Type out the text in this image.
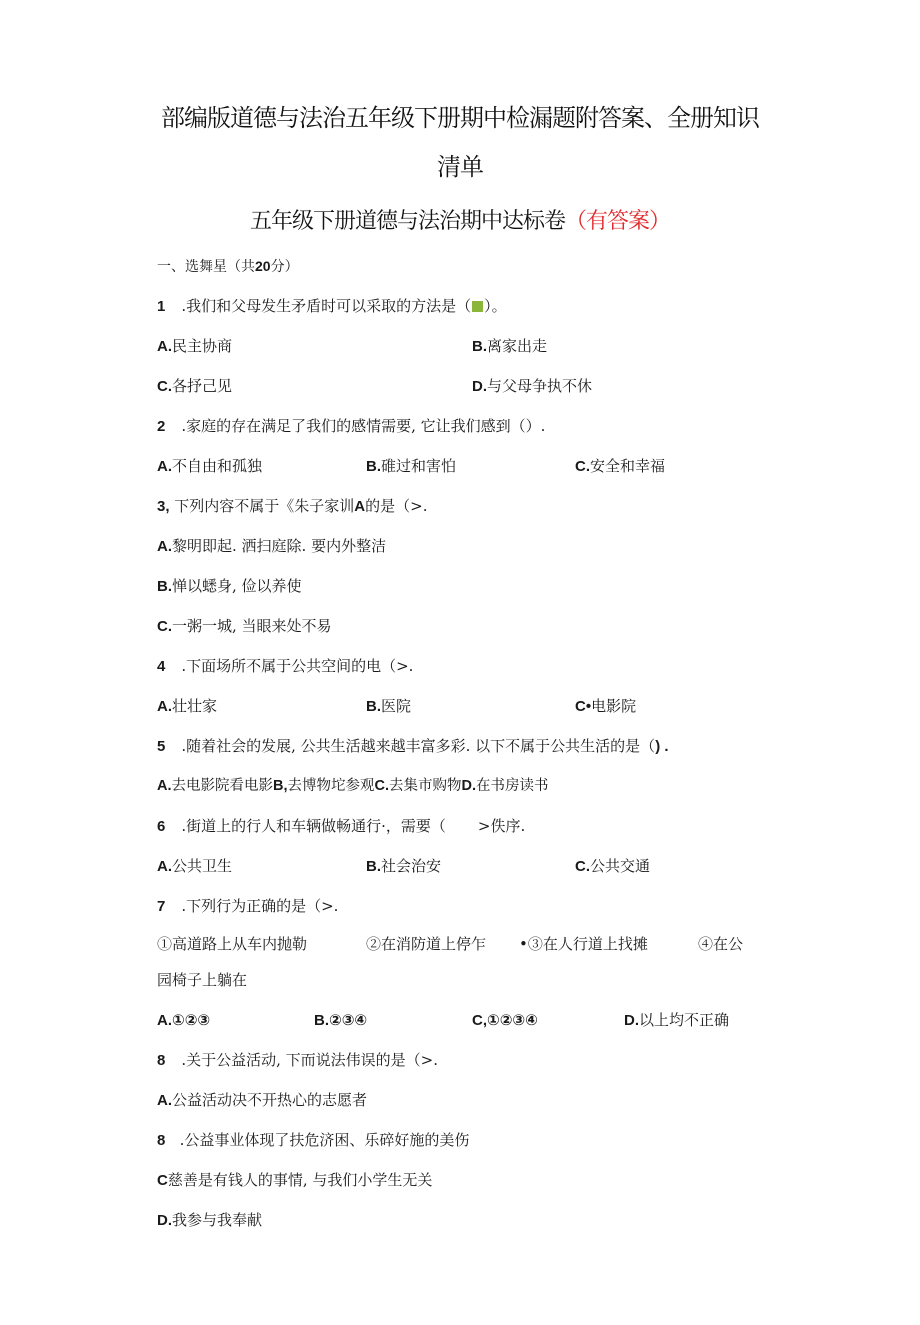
部编版道德与法治五年级下册期中检漏题附答案、全册知识
清单
五年级下册道德与法治期中达标卷（有答案）
一、选舞星（共20分）
1 .我们和父母发生矛盾时可以采取的方法是（ ）。
A.民主协商	B.离家出走
C.各抒己见	D.与父母争执不休
2 .家庭的存在满足了我们的感情需要, 它让我们感到（）.
A.不自由和孤独	B.碓过和害怕	C.安全和幸福
3, 下列内容不属于《朱子家训A的是（>.
A.黎明即起. 洒扫庭除. 要内外整洁
B.惮以蟋身, 俭以养使
C.一粥一城, 当眼来处不易
4 .下面场所不属于公共空间的电（>.
A.壮壮家	B.医院	C•电影院
5 .随着社会的发展, 公共生活越来越丰富多彩. 以下不属于公共生活的是（) .
A.去电影院看电影B,去博物坨参观C.去集市购物D.在书房读书
6 .街道上的行人和车辆做畅通行·，需要（ >佚序.
A.公共卫生	B.社会治安	C.公共交通
7 .下列行为正确的是（>.
①高道路上从车内抛勒	②在消防道上停乍 •③在人行道上找摊	④在公
园椅子上躺在
A.①②③	B.②③④	C,①②③④	D.以上均不正确
8 .关于公益活动, 下而说法伟误的是（>.
A.公益活动决不开热心的志愿者
8   .公益事业体现了扶危济困、乐碎好施的美伤
C慈善是有钱人的事情, 与我们小学生无关
D.我参与我奉献
